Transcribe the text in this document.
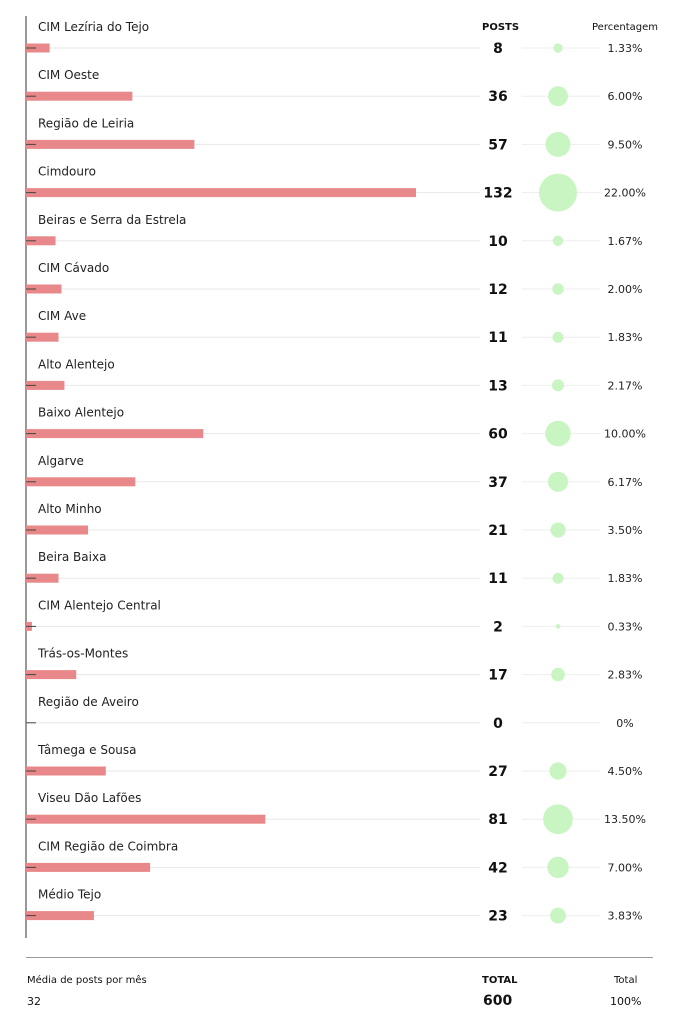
CIM Lezíria do Tejo
8	1.33%
CIM Oeste
36	6.00%
Região de Leiria
57	9.50%
Cimdouro
132	22.00%
Beiras e Serra da Estrela
10	1.67%
CIM Cávado
12	2.00%
CIM Ave
11	1.83%
Alto Alentejo
13	2.17%
Baixo Alentejo
60	10.00%
Algarve
37	6.17%
Alto Minho
21	3.50%
Beira Baixa
11	1.83%
CIM Alentejo Central
2	0.33%
Trás-os-Montes
17	2.83%
Região de Aveiro
0	0%
Tâmega e Sousa
27	4.50%
Viseu Dão Lafões
81	13.50%
CIM Região de Coimbra
42	7.00%
Médio Tejo
23	3.83%
POSTS	Percentagem
Média de posts por mês
32
TOTAL
600
Total
100%
